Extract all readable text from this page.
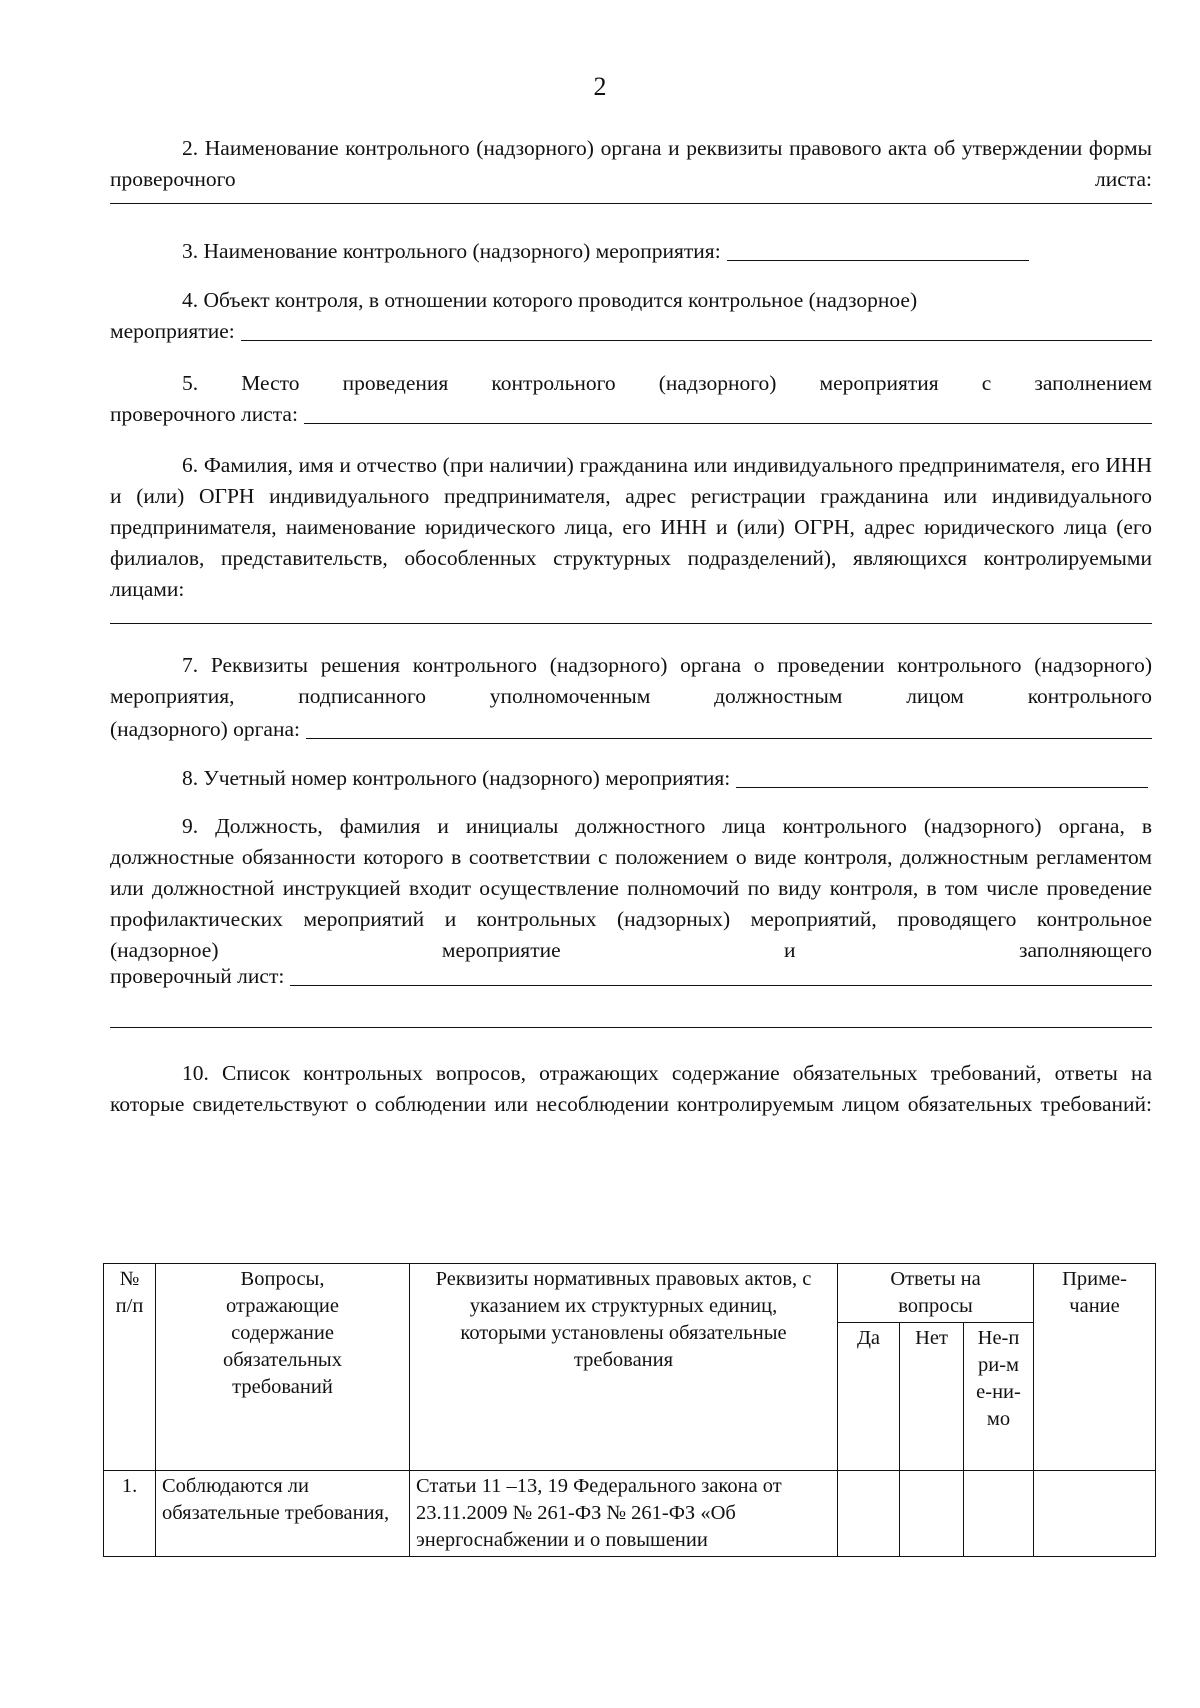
2
2. Наименование контрольного (надзорного) органа и реквизиты правового акта об утверждении формы проверочного листа:
3. Наименование контрольного (надзорного) мероприятия:
4. Объект контроля, в отношении которого проводится контрольное (надзорное)
мероприятие:
5. Место проведения контрольного (надзорного) мероприятия с заполнением
проверочного листа:
6. Фамилия, имя и отчество (при наличии) гражданина или индивидуального предпринимателя, его ИНН и (или) ОГРН индивидуального предпринимателя, адрес регистрации гражданина или индивидуального предпринимателя, наименование юридического лица, его ИНН и (или) ОГРН, адрес юридического лица (его филиалов, представительств, обособленных структурных подразделений), являющихся контролируемыми лицами:
7. Реквизиты решения контрольного (надзорного) органа о проведении контрольного (надзорного) мероприятия, подписанного уполномоченным должностным лицом контрольного
(надзорного) органа:
8. Учетный номер контрольного (надзорного) мероприятия:
9. Должность, фамилия и инициалы должностного лица контрольного (надзорного) органа, в должностные обязанности которого в соответствии с положением о виде контроля, должностным регламентом или должностной инструкцией входит осуществление полномочий по виду контроля, в том числе проведение профилактических мероприятий и контрольных (надзорных) мероприятий, проводящего контрольное (надзорное) мероприятие и заполняющего
проверочный лист:
10. Список контрольных вопросов, отражающих содержание обязательных требований, ответы на которые свидетельствуют о соблюдении или несоблюдении контролируемым лицом обязательных требований:
№ п/п	Вопросы, отражающие содержание обязательных требований	Реквизиты нормативных правовых актов, с указанием их структурных единиц, которыми установлены обязательные требования	Ответы на вопросы			Приме-чание
			Да	Нет	Не-при-ме-ни-мо	
1.	Соблюдаются ли обязательные требования,	Статьи 11 –13, 19 Федерального закона от 23.11.2009 № 261-ФЗ № 261-ФЗ «Об энергоснабжении и о повышении				
